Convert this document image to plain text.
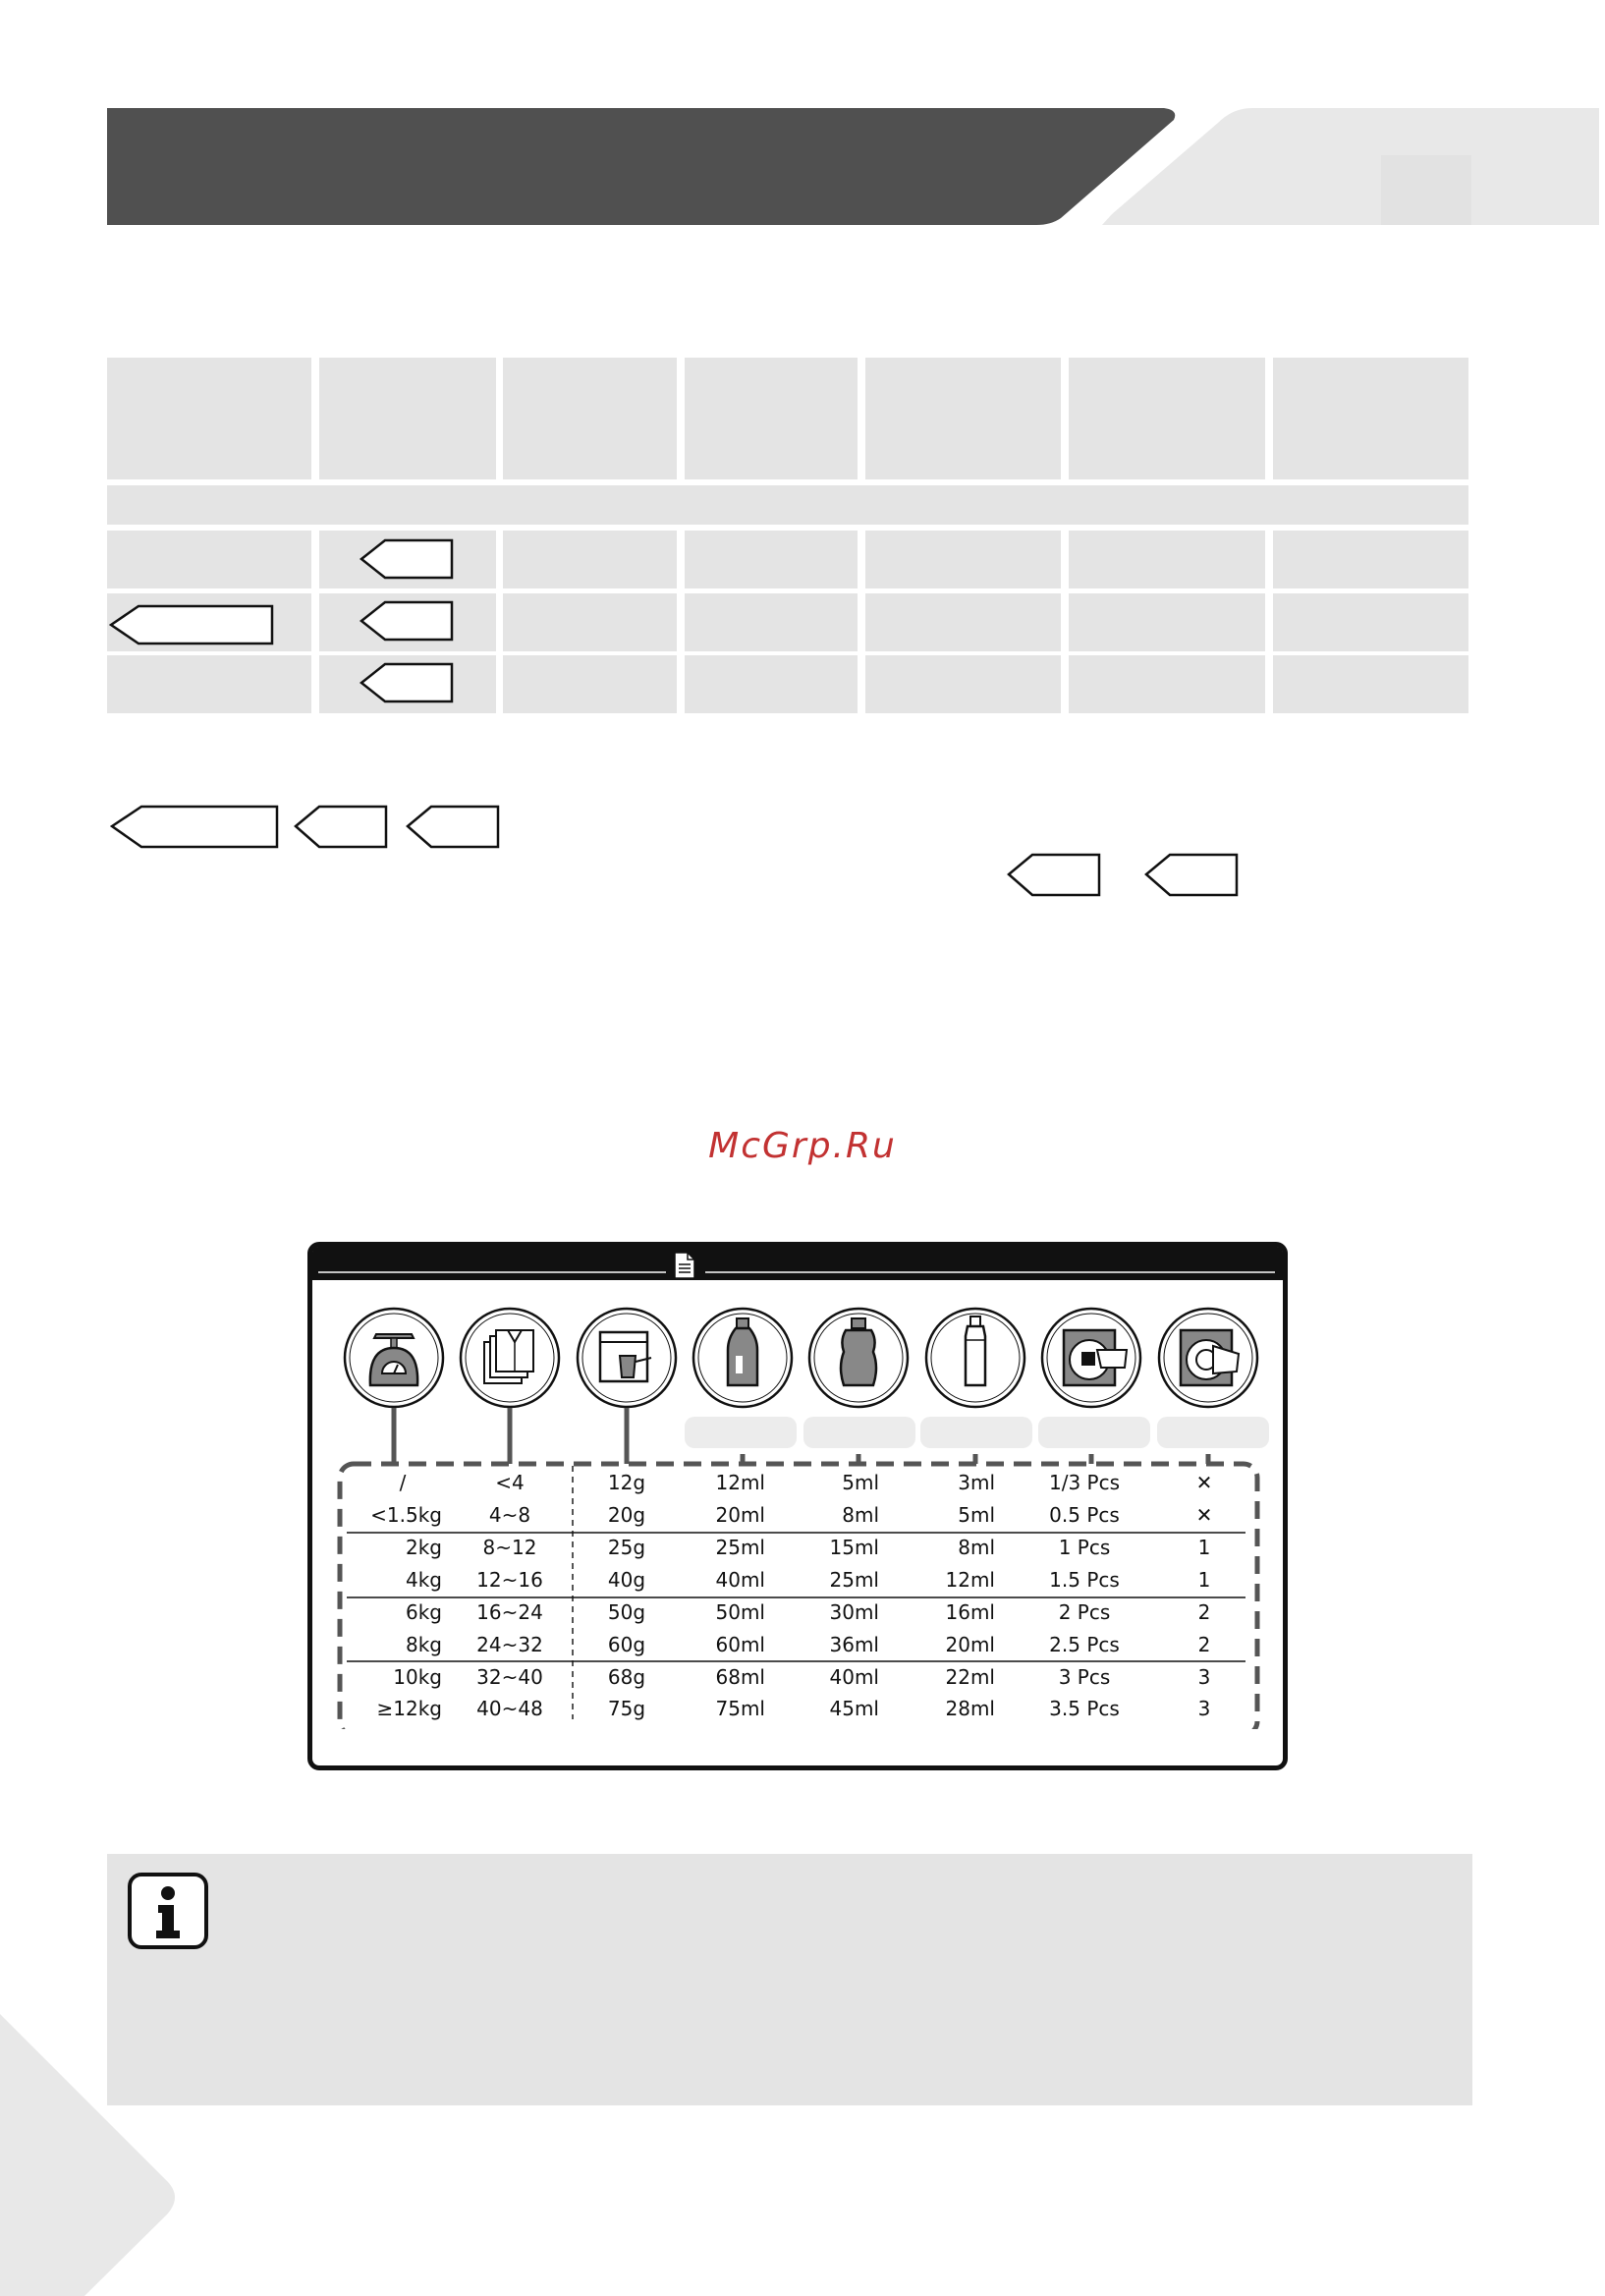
McGrp.Ru
/	<4	12g	12ml	5ml	3ml	1/3 Pcs	✕
<1.5kg	4~8	20g	20ml	8ml	5ml	0.5 Pcs	✕
2kg	8~12	25g	25ml	15ml	8ml	1 Pcs	1
4kg 12~16	40g	40ml	25ml	12ml	1.5 Pcs	1
6kg 16~24	50g	50ml	30ml	16ml	2 Pcs	2
8kg 24~32	60g	60ml	36ml	20ml	2.5 Pcs	2
10kg 32~40	68g	68ml	40ml	22ml	3 Pcs	3
≥12kg 40~48	75g	75ml	45ml	28ml	3.5 Pcs	3
